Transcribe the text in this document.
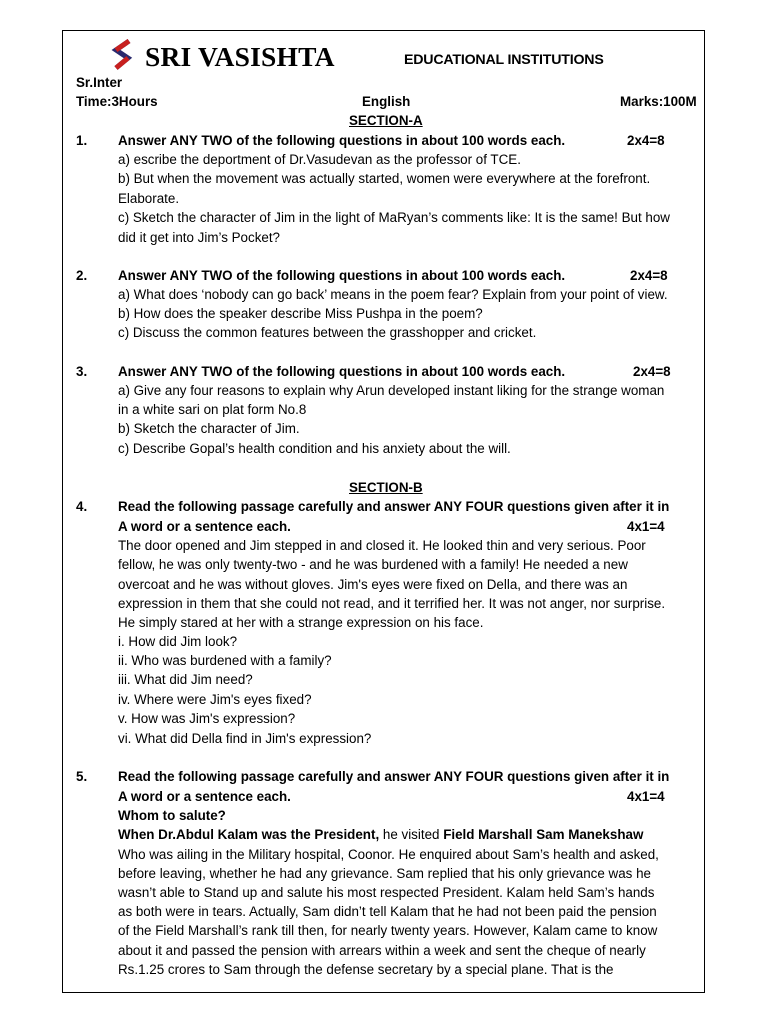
SRI VASISHTA	EDUCATIONAL INSTITUTIONS
Sr.Inter
Time:3Hours	English	Marks:100M
SECTION-A
1. Answer ANY TWO of the following questions in about 100 words each.	2x4=8
a) escribe the deportment of Dr.Vasudevan as the professor of TCE.
b) But when the movement was actually started, women were everywhere at the forefront.
Elaborate.
c) Sketch the character of Jim in the light of MaRyan’s comments like: It is the same! But how
did it get into Jim’s Pocket?
2. Answer ANY TWO of the following questions in about 100 words each.	2x4=8
a) What does ‘nobody can go back’ means in the poem fear? Explain from your point of view.
b) How does the speaker describe Miss Pushpa in the poem?
c) Discuss the common features between the grasshopper and cricket.
3. Answer ANY TWO of the following questions in about 100 words each.	2x4=8
a) Give any four reasons to explain why Arun developed instant liking for the strange woman
in a white sari on plat form No.8
b) Sketch the character of Jim.
c) Describe Gopal’s health condition and his anxiety about the will.
SECTION-B
4. Read the following passage carefully and answer ANY FOUR questions given after it in
A word or a sentence each.	4x1=4
The door opened and Jim stepped in and closed it. He looked thin and very serious. Poor
fellow, he was only twenty-two - and he was burdened with a family! He needed a new
overcoat and he was without gloves. Jim's eyes were fixed on Della, and there was an
expression in them that she could not read, and it terrified her. It was not anger, nor surprise.
He simply stared at her with a strange expression on his face.
i. How did Jim look?
ii. Who was burdened with a family?
iii. What did Jim need?
iv. Where were Jim's eyes fixed?
v. How was Jim's expression?
vi. What did Della find in Jim's expression?
5. Read the following passage carefully and answer ANY FOUR questions given after it in
A word or a sentence each.	4x1=4
Whom to salute?
When Dr.Abdul Kalam was the President, he visited Field Marshall Sam Manekshaw
Who was ailing in the Military hospital, Coonor. He enquired about Sam’s health and asked,
before leaving, whether he had any grievance. Sam replied that his only grievance was he
wasn’t able to Stand up and salute his most respected President. Kalam held Sam’s hands
as both were in tears. Actually, Sam didn’t tell Kalam that he had not been paid the pension
of the Field Marshall’s rank till then, for nearly twenty years. However, Kalam came to know
about it and passed the pension with arrears within a week and sent the cheque of nearly
Rs.1.25 crores to Sam through the defense secretary by a special plane. That is the
